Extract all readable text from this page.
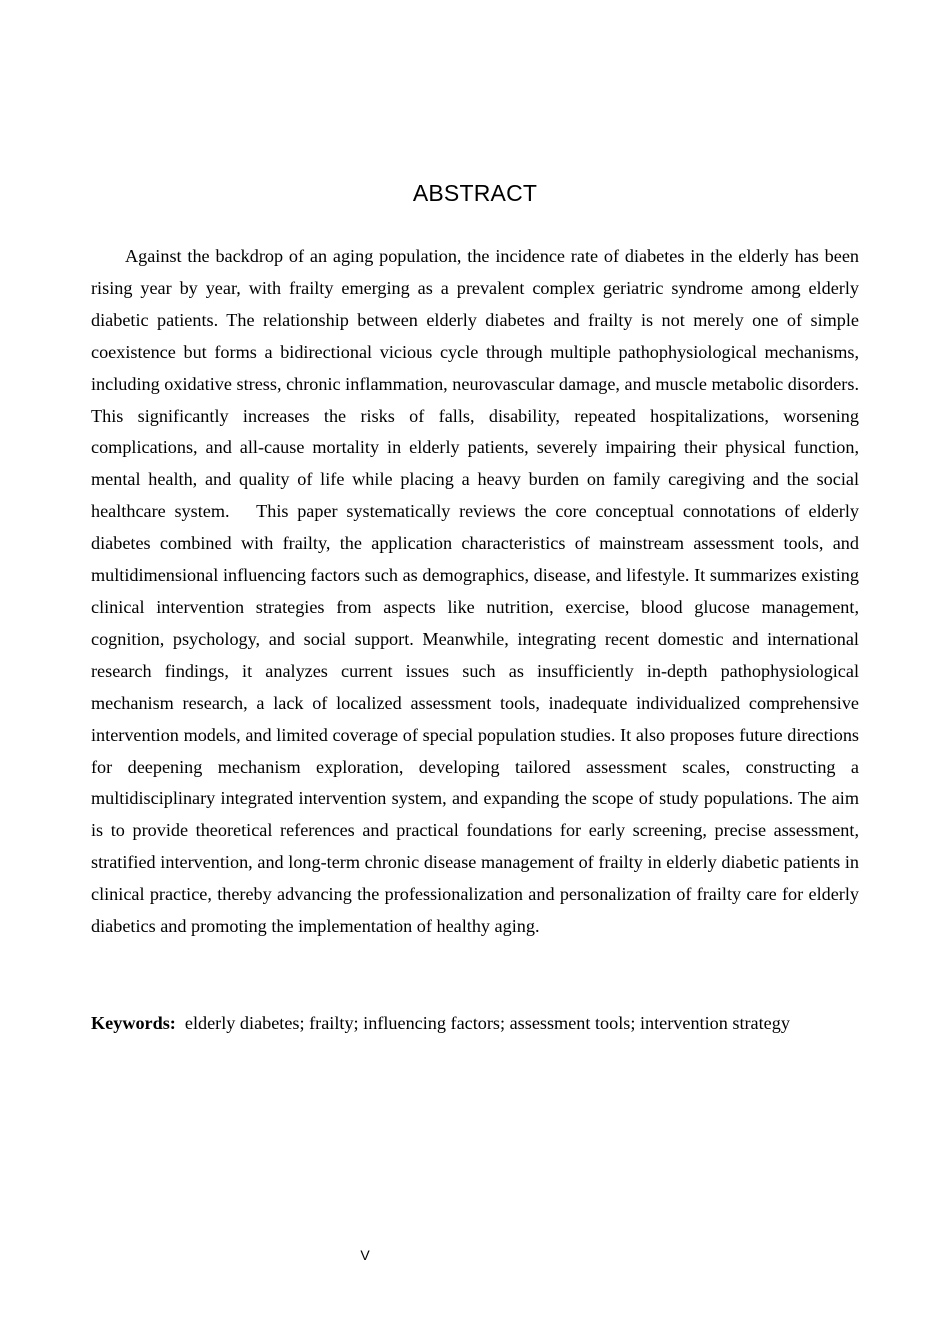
ABSTRACT

Against the backdrop of an aging population, the incidence rate of diabetes in the elderly has been rising year by year, with frailty emerging as a prevalent complex geriatric syndrome among elderly diabetic patients. The relationship between elderly diabetes and frailty is not merely one of simple coexistence but forms a bidirectional vicious cycle through multiple pathophysiological mechanisms, including oxidative stress, chronic inflammation, neurovascular damage, and muscle metabolic disorders. This significantly increases the risks of falls, disability, repeated hospitalizations, worsening complications, and all-cause mortality in elderly patients, severely impairing their physical function, mental health, and quality of life while placing a heavy burden on family caregiving and the social healthcare system.  This paper systematically reviews the core conceptual connotations of elderly diabetes combined with frailty, the application characteristics of mainstream assessment tools, and multidimensional influencing factors such as demographics, disease, and lifestyle. It summarizes existing clinical intervention strategies from aspects like nutrition, exercise, blood glucose management, cognition, psychology, and social support. Meanwhile, integrating recent domestic and international research findings, it analyzes current issues such as insufficiently in-depth pathophysiological mechanism research, a lack of localized assessment tools, inadequate individualized comprehensive intervention models, and limited coverage of special population studies. It also proposes future directions for deepening mechanism exploration, developing tailored assessment scales, constructing a multidisciplinary integrated intervention system, and expanding the scope of study populations. The aim is to provide theoretical references and practical foundations for early screening, precise assessment, stratified intervention, and long-term chronic disease management of frailty in elderly diabetic patients in clinical practice, thereby advancing the professionalization and personalization of frailty care for elderly diabetics and promoting the implementation of healthy aging.

Keywords: elderly diabetes; frailty; influencing factors; assessment tools; intervention strategy

V
